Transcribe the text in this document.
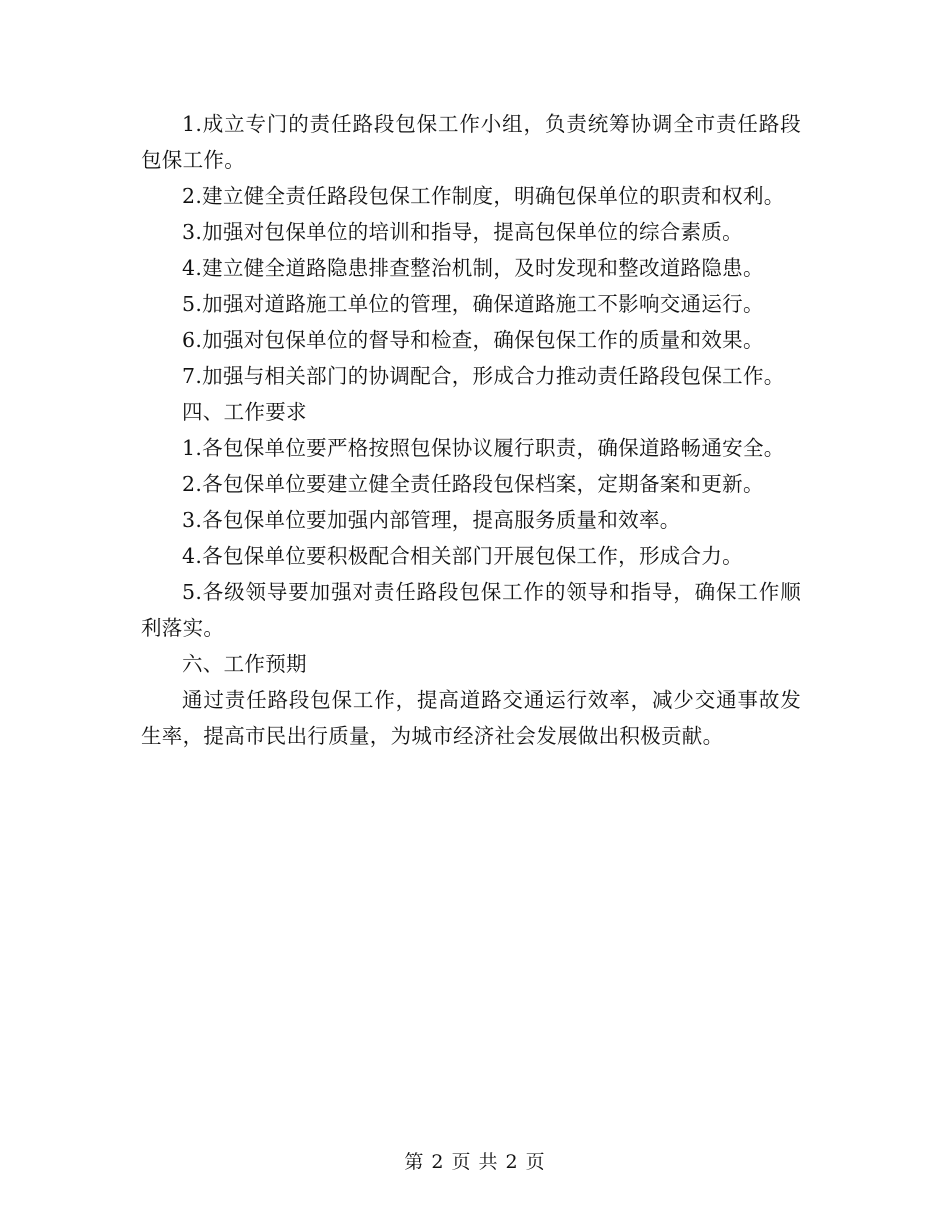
1.成立专门的责任路段包保工作小组，负责统筹协调全市责任路段包保工作。

2.建立健全责任路段包保工作制度，明确包保单位的职责和权利。

3.加强对包保单位的培训和指导，提高包保单位的综合素质。

4.建立健全道路隐患排查整治机制，及时发现和整改道路隐患。

5.加强对道路施工单位的管理，确保道路施工不影响交通运行。

6.加强对包保单位的督导和检查，确保包保工作的质量和效果。

7.加强与相关部门的协调配合，形成合力推动责任路段包保工作。

四、工作要求

1.各包保单位要严格按照包保协议履行职责，确保道路畅通安全。

2.各包保单位要建立健全责任路段包保档案，定期备案和更新。

3.各包保单位要加强内部管理，提高服务质量和效率。

4.各包保单位要积极配合相关部门开展包保工作，形成合力。

5.各级领导要加强对责任路段包保工作的领导和指导，确保工作顺利落实。

六、工作预期

通过责任路段包保工作，提高道路交通运行效率，减少交通事故发生率，提高市民出行质量，为城市经济社会发展做出积极贡献。

第 2 页 共 2 页
